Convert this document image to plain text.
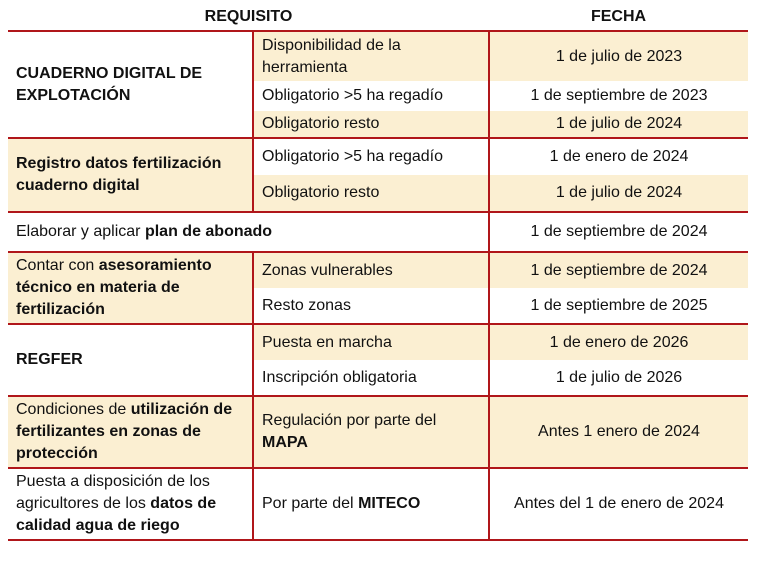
REQUISITO		FECHA
CUADERNO DIGITAL DE EXPLOTACIÓN	Disponibilidad de la herramienta	1 de julio de 2023
	Obligatorio >5 ha regadío	1 de septiembre de 2023
	Obligatorio resto	1 de julio de 2024
Registro datos fertilización cuaderno digital	Obligatorio >5 ha regadío	1 de enero de 2024
	Obligatorio resto	1 de julio de 2024
Elaborar y aplicar plan de abonado		1 de septiembre de 2024
Contar con asesoramiento técnico en materia de fertilización	Zonas vulnerables	1 de septiembre de 2024
	Resto zonas	1 de septiembre de 2025
REGFER	Puesta en marcha	1 de enero de 2026
	Inscripción obligatoria	1 de julio de 2026
Condiciones de utilización de fertilizantes en zonas de protección	Regulación por parte del MAPA	Antes 1 enero de 2024
Puesta a disposición de los agricultores de los datos de calidad agua de riego	Por parte del MITECO	Antes del 1 de enero de 2024
